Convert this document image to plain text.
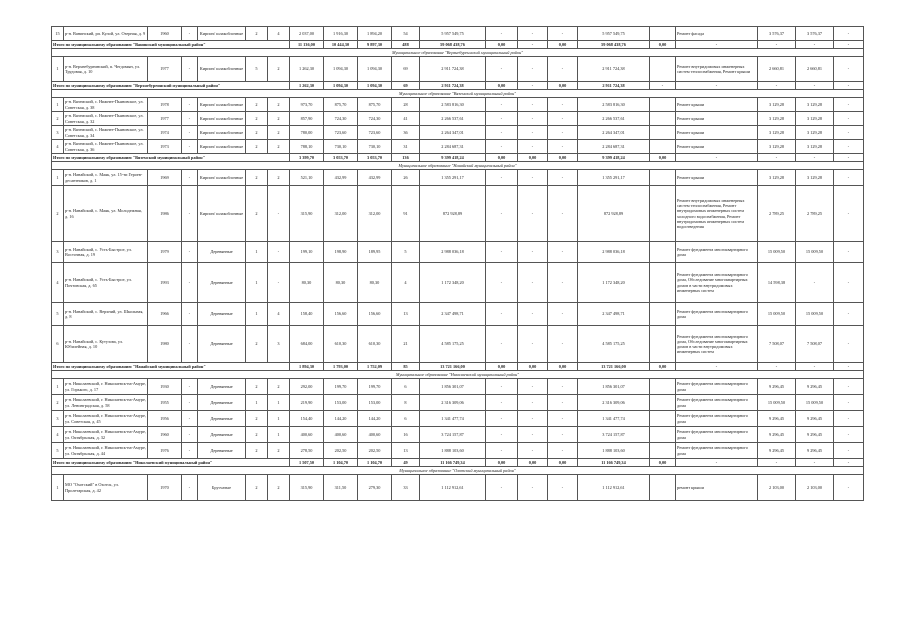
15	р-н. Ванинский, рп. Кулой, ул. Озерная, д. 9	1960	-	Кирпич/ шлакоблочные	2	4	2 037,00	1 916,30	1 894,20	54	5 957 549,75	-	-	-	5 957 549,75		Ремонт фасада	3 576,37	3 576,37	-
Итого по муниципальному образованию "Ванинский муниципальный район"							11 136,00	10 444,30	9 897,30	488	59 068 438,76	0,00	-	0,00	59 068 438,76	0,00	-	-	-	-
Муниципальное образование "Верхнебуреинский муниципальный район"																				
1	р-н. Верхнебуреинский, п. Чегдомын, ул. Трудовая, д. 10	1977	-	Кирпич/ шлакоблочные	5	2	1 262,30	1 094,30	1 094,30	69	2 911 724,38	-	-	-	2 911 724,38		Ремонт внутридомовых инженерных систем теплоснабжения, Ремонт крыши	2 660,81	2 660,81	-
Итого по муниципальному образованию "Верхнебуреинский муниципальный район"							1 262,30	1 094,30	1 094,30	69	2 911 724,38	0,00	-	0,00	2 911 724,38	-	-	-	-	-
Муниципальное образование "Вяземский муниципальный район"																				
1	р-н. Вяземский, с. Нижнее-Пьяновское, ул. Советская, д. 38	1978	-	Кирпич/ шлакоблочные	2	2	973,70	875,70	875,70	28	2 583 816,30	-	-	-	2 583 816,30		Ремонт крыши	3 129,28	3 129,28	-
2	р-н. Вяземский, с. Нижнее-Пьяновское, ул. Советская, д. 32	1977	-	Кирпич/ шлакоблочные	2	2	857,90	724,30	724,30	41	2 266 537,61	-	-	-	2 266 537,61		Ремонт крыши	3 129,28	3 129,28	-
3	р-н. Вяземский, с. Нижнее-Пьяновское, ул. Советская, д. 34	1974	-	Кирпич/ шлакоблочные	2	2	780,00	723,60	723,60	36	2 264 347,01	-	-	-	2 264 347,01		Ремонт крыши	3 129,28	3 129,28	-
4	р-н. Вяземский, с. Нижнее-Пьяновское, ул. Советская, д. 36	1973	-	Кирпич/ шлакоблочные	2	2	788,10	730,10	730,10	31	2 284 687,31	-	-	-	2 284 687,31		Ремонт крыши	3 129,28	3 129,28	-
Итого по муниципальному образованию "Вяземский муниципальный район"							3 399,70	3 053,70	3 053,70	136	9 399 418,24	0,00	0,00	0,00	9 399 418,24	0,00	-	-	-	-
Муниципальное образование "Нанайский муниципальный район"																				
1	р-н. Нанайский, с. Маяк, ул. 15-ти Героев-десантников, д. 1	1969	-	Кирпич/ шлакоблочные	2	2	521,10	432,99	432,99	26	1 355 291,17	-	-	-	1 355 291,17		Ремонт крыши	3 129,28	3 129,28	-
2	р-н. Нанайский, с. Маяк, ул. Молодежная, д. 16	1986	-	Кирпич/ шлакоблочные	2	-	315,90	312,00	312,00	91	872 928,89	-	-	-	872 928,89		Ремонт внутридомовых инженерных систем теплоснабжения, Ремонт внутридомовых инженерных систем холодного водоснабжения, Ремонт внутридомовых инженерных систем водоотведения	2 789,25	2 789,25	-
3	р-н. Нанайский, с. Усть-Быстрое, ул. Восточная, д. 19	1979	-	Деревянные	1	-	199,10	198,90	189,95	5	2 988 036,18	-	-	-	2 988 036,18		Ремонт фундамента многоквартирного дома	15 009,50	15 009,50	-
4	р-н. Нанайский, с. Усть-Быстрое, ул. Почтовская, д. 65	1993	-	Деревянные	1	-	80,30	80,30	80,30	4	1 172 348,20	-	-	-	1 172 348,20		Ремонт фундамента многоквартирного дома, Обследование многоквартирных домов в части внутридомовых инженерных систем	14 598,38	-	-
5	р-н. Нанайский, с. Верхний, ул. Школьная, д. 8	1966	-	Деревянные	1	4	158,40	156,60	156,60	13	2 347 498,71	-	-	-	2 347 498,71		Ремонт фундамента многоквартирного дома	15 009,50	15 009,50	-
6	р-н. Нанайский, с. Кутузова, ул. Юбилейная, д. 10	1980	-	Деревянные	2	3	684,00	610,30	610,30	21	4 585 175,25	-	-	-	4 585 175,25		Ремонт фундамента многоквартирного дома, Обследование многоквартирных домов в части внутридомовых инженерных систем	7 508,07	7 508,07	-
Итого по муниципальному образованию "Нанайский муниципальный район"							1 894,30	1 793,00	1 752,09	85	13 721 166,00	0,00	0,00	0,00	13 721 166,00	0,00	-	-	-	-
Муниципальное образование "Николаевский муниципальный район"																				
1	р-н. Николаевский, г. Николаевск-на-Амуре, ул. Горького, д. 17	1930	-	Деревянные	2	2	292,00	199,70	199,70	6	1 856 301,07	-	-	-	1 856 301,07		Ремонт фундамента многоквартирного дома	9 296,45	9 296,45	-
2	р-н. Николаевский, г. Николаевск-на-Амуре, ул. Ленинградская, д. 58	1955	-	Деревянные	1	1	219,90	153,00	153,00	8	2 316 309,06	-	-	-	2 316 309,06		Ремонт фундамента многоквартирного дома	15 009,50	15 009,50	-
3	р-н. Николаевский, г. Николаевск-на-Амуре, ул. Советская, д. 45	1956	-	Деревянные	2	1	154,40	144,20	144,20	6	1 341 477,74	-	-	-	1 341 477,74		Ремонт фундамента многоквартирного дома	9 296,45	9 296,45	-
4	р-н. Николаевский, г. Николаевск-на-Амуре, ул. Октябрьская, д. 32	1960	-	Деревянные	2	1	400,60	400,60	400,60	16	3 724 157,87	-	-	-	3 724 157,87		Ремонт фундамента многоквартирного дома	9 296,45	9 296,45	-
5	р-н. Николаевский, г. Николаевск-на-Амуре, ул. Октябрьская, д. 44	1976	-	Деревянные	2	2	278,50	202,50	202,50	13	1 888 103,60	-	-	-	1 888 103,60		Ремонт фундамента многоквартирного дома	9 296,45	9 296,45	-
Итого по муниципальному образованию "Николаевский муниципальный район"							1 507,50	1 104,70	1 104,70	49	11 166 749,34	0,00	0,00	0,00	11 166 749,34	0,00	-	-	-	-
Муниципальное образование "Охотский муниципальный район"																				
1	МО "Охотский" в Охотск, ул. Пролетарская, д. 42	1970	-	Брусчатые	2	2	315,90	311,50	279,30	33	1 112 912,61	-	-	-	1 112 912,61		ремонт крыши	2 103,00	2 103,00	-
